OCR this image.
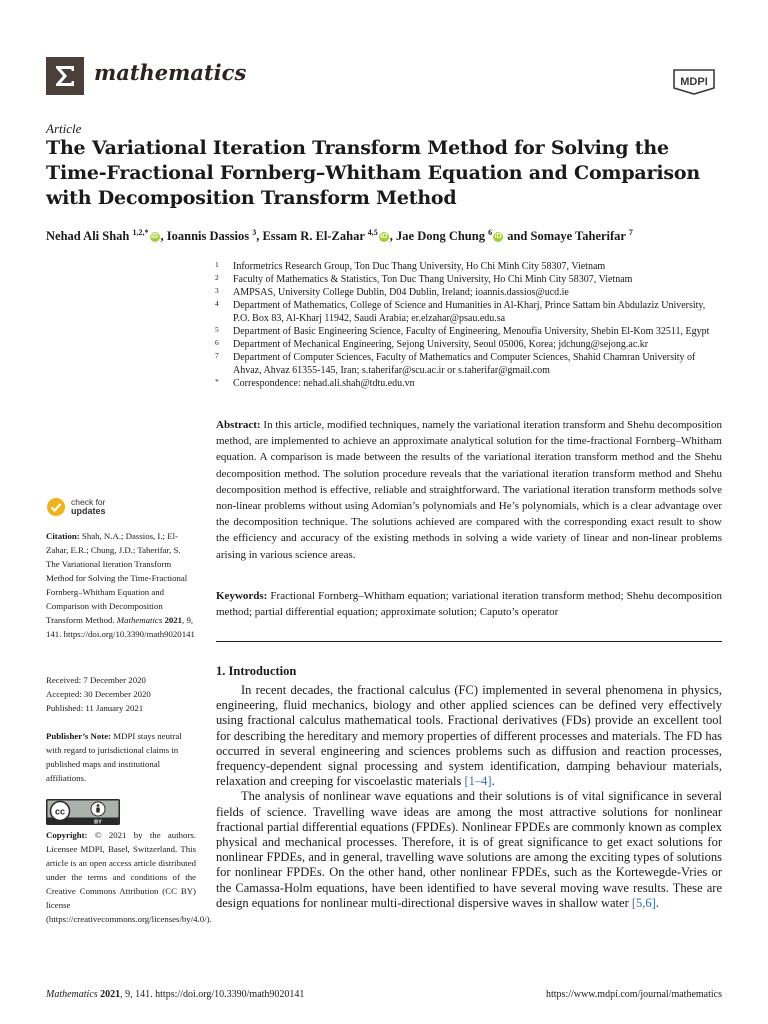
mathematics	MDPI
Article
The Variational Iteration Transform Method for Solving the Time-Fractional Fornberg–Whitham Equation and Comparison with Decomposition Transform Method
Nehad Ali Shah $^{1,2,*}$ iD , Ioannis Dassios $^3$, Essam R. El-Zahar $^{4,5}$ iD , Jae Dong Chung $^6$ iD and Somaye Taherifar $^7$
1 Informetrics Research Group, Ton Duc Thang University, Ho Chi Minh City 58307, Vietnam
2 Faculty of Mathematics & Statistics, Ton Duc Thang University, Ho Chi Minh City 58307, Vietnam
3 AMPSAS, University College Dublin, D04 Dublin, Ireland; ioannis.dassios@ucd.ie
4 Department of Mathematics, College of Science and Humanities in Al-Kharj, Prince Sattam bin Abdulaziz University, P.O. Box 83, Al-Kharj 11942, Saudi Arabia; er.elzahar@psau.edu.sa
5 Department of Basic Engineering Science, Faculty of Engineering, Menoufia University, Shebin El-Kom 32511, Egypt
6 Department of Mechanical Engineering, Sejong University, Seoul 05006, Korea; jdchung@sejong.ac.kr
7 Department of Computer Sciences, Faculty of Mathematics and Computer Sciences, Shahid Chamran University of Ahvaz, Ahvaz 61355-145, Iran; s.taherifar@scu.ac.ir or s.taherifar@gmail.com
* Correspondence: nehad.ali.shah@tdtu.edu.vn
Abstract: In this article, modified techniques, namely the variational iteration transform and Shehu decomposition method, are implemented to achieve an approximate analytical solution for the time-fractional Fornberg–Whitham equation. A comparison is made between the results of the variational iteration transform method and the Shehu decomposition method. The solution procedure reveals that the variational iteration transform method and Shehu decomposition method is effective, reliable and straightforward. The variational iteration transform methods solve non-linear problems without using Adomian’s polynomials and He’s polynomials, which is a clear advantage over the decomposition technique. The solutions achieved are compared with the corresponding exact result to show the efficiency and accuracy of the existing methods in solving a wide variety of linear and non-linear problems arising in various science areas.
Keywords: Fractional Fornberg–Whitham equation; variational iteration transform method; Shehu decomposition method; partial differential equation; approximate solution; Caputo’s operator
1. Introduction

In recent decades, the fractional calculus (FC) implemented in several phenomena in physics, engineering, fluid mechanics, biology and other applied sciences can be defined very effectively using fractional calculus mathematical tools. Fractional derivatives (FDs) provide an excellent tool for describing the hereditary and memory properties of different processes and materials. The FD has occurred in several engineering and sciences problems such as diffusion and reaction processes, frequency-dependent signal processing and system identification, damping behaviour materials, relaxation and creeping for viscoelastic materials [1–4].

The analysis of nonlinear wave equations and their solutions is of vital significance in several fields of science. Travelling wave ideas are among the most attractive solutions for nonlinear fractional partial differential equations (FPDEs). Nonlinear FPDEs are commonly known as complex physical and mechanical processes. Therefore, it is of great significance to get exact solutions for nonlinear FPDEs, and in general, travelling wave solutions are among the exciting types of solutions for nonlinear FPDEs. On the other hand, other nonlinear FPDEs, such as the Kortewegde-Vries or the Camassa-Holm equations, have been identified to have several moving wave results. These are design equations for nonlinear multi-directional dispersive waves in shallow water [5,6].

check for
updates
Citation: Shah, N.A.; Dassios, I.; El-Zahar, E.R.; Chung, J.D.; Taherifar, S. The Variational Iteration Transform Method for Solving the Time-Fractional Fornberg–Whitham Equation and Comparison with Decomposition Transform Method. Mathematics 2021, 9, 141. https://doi.org/10.3390/math9020141
Received: 7 December 2020
Accepted: 30 December 2020
Published: 11 January 2021
Publisher’s Note: MDPI stays neutral with regard to jurisdictional claims in published maps and institutional affiliations.
cc
BY
Copyright: © 2021 by the authors. Licensee MDPI, Basel, Switzerland. This article is an open access article distributed under the terms and conditions of the Creative Commons Attribution (CC BY) license (https://creativecommons.org/licenses/by/4.0/).
Mathematics 2021, 9, 141. https://doi.org/10.3390/math9020141	https://www.mdpi.com/journal/mathematics
